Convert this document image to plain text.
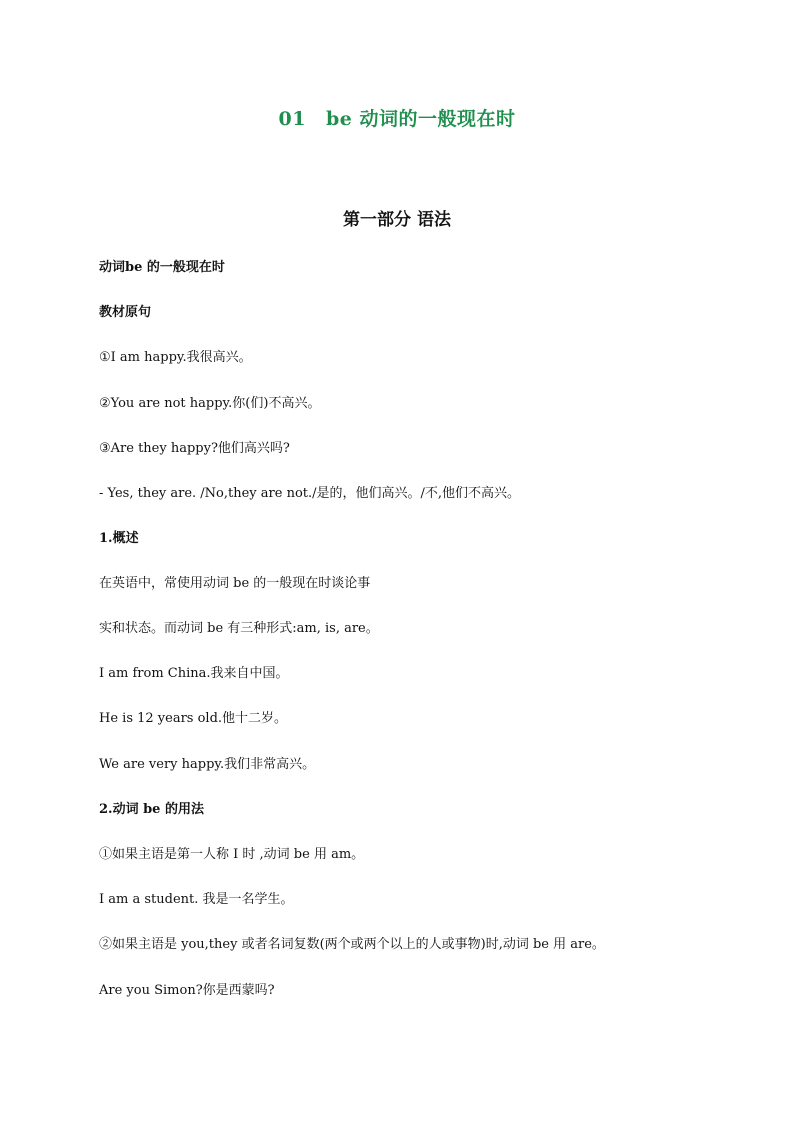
01 be 动词的一般现在时
第一部分 语法
动词be 的一般现在时
教材原句
①I am happy.我很高兴。
②You are not happy.你(们)不高兴。
③Are they happy?他们高兴吗?
- Yes, they are. /No,they are not./是的，他们高兴。/不,他们不高兴。
1.概述
在英语中，常使用动词 be 的一般现在时谈论事
实和状态。而动词 be 有三种形式:am, is, are。
I am from China.我来自中国。
He is 12 years old.他十二岁。
We are very happy.我们非常高兴。
2.动词 be 的用法
①如果主语是第一人称 I 时 ,动词 be 用 am。
I am a student. 我是一名学生。
②如果主语是 you,they 或者名词复数(两个或两个以上的人或事物)时,动词 be 用 are。
Are you Simon?你是西蒙吗?
